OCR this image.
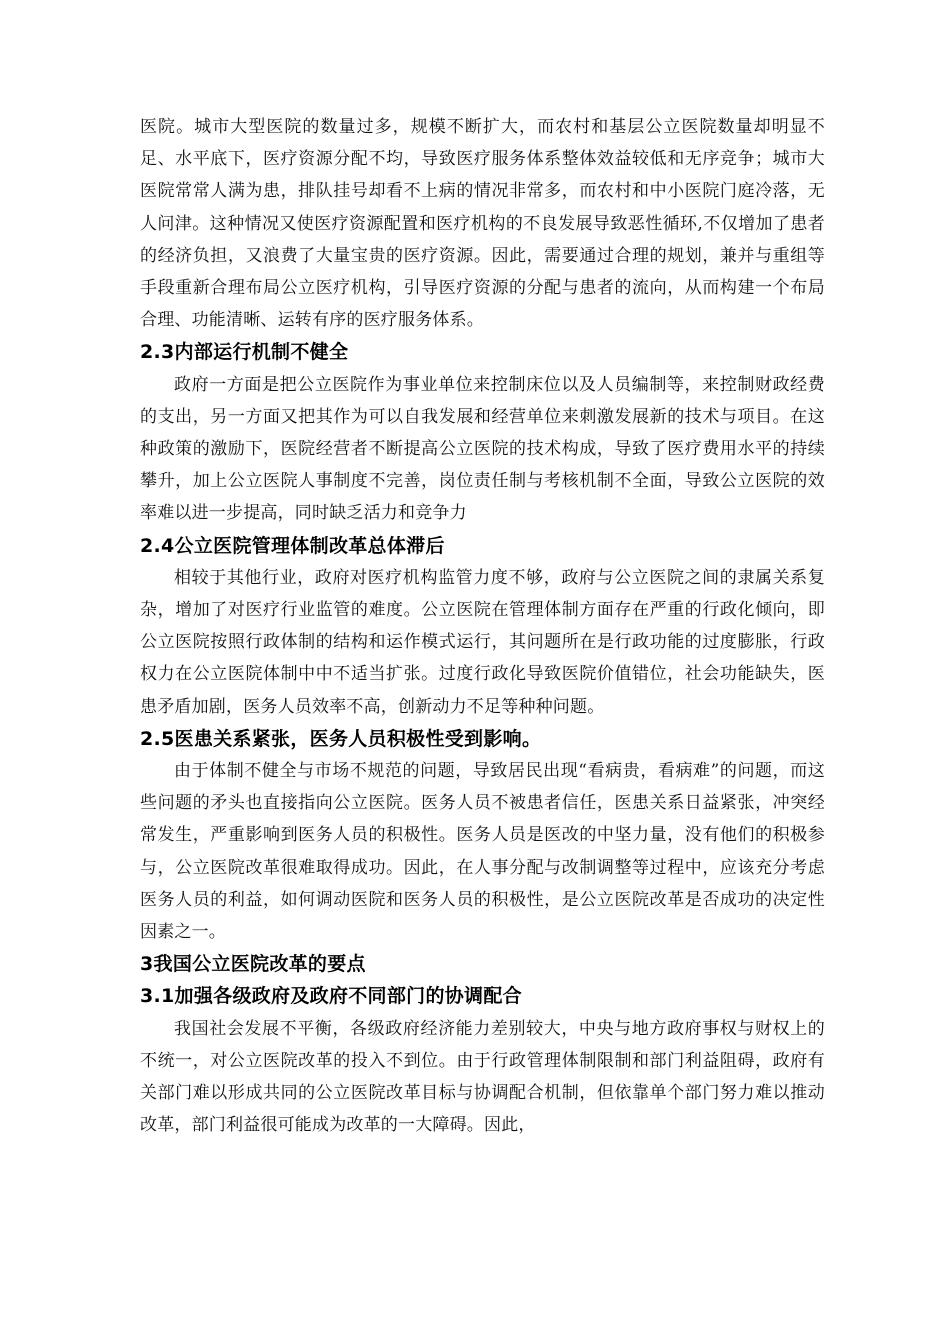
医院。城市大型医院的数量过多，规模不断扩大，而农村和基层公立医院数量却明显不足、水平底下，医疗资源分配不均，导致医疗服务体系整体效益较低和无序竞争；城市大医院常常人满为患，排队挂号却看不上病的情况非常多，而农村和中小医院门庭冷落，无人问津。这种情况又使医疗资源配置和医疗机构的不良发展导致恶性循环,不仅增加了患者的经济负担，又浪费了大量宝贵的医疗资源。因此，需要通过合理的规划，兼并与重组等手段重新合理布局公立医疗机构，引导医疗资源的分配与患者的流向，从而构建一个布局合理、功能清晰、运转有序的医疗服务体系。

2.3内部运行机制不健全

政府一方面是把公立医院作为事业单位来控制床位以及人员编制等，来控制财政经费的支出，另一方面又把其作为可以自我发展和经营单位来刺激发展新的技术与项目。在这种政策的激励下，医院经营者不断提高公立医院的技术构成，导致了医疗费用水平的持续攀升，加上公立医院人事制度不完善，岗位责任制与考核机制不全面，导致公立医院的效率难以进一步提高，同时缺乏活力和竞争力

2.4公立医院管理体制改革总体滞后

相较于其他行业，政府对医疗机构监管力度不够，政府与公立医院之间的隶属关系复杂，增加了对医疗行业监管的难度。公立医院在管理体制方面存在严重的行政化倾向，即公立医院按照行政体制的结构和运作模式运行，其问题所在是行政功能的过度膨胀，行政权力在公立医院体制中中不适当扩张。过度行政化导致医院价值错位，社会功能缺失，医患矛盾加剧，医务人员效率不高，创新动力不足等种种问题。

2.5医患关系紧张，医务人员积极性受到影响。

由于体制不健全与市场不规范的问题，导致居民出现“看病贵，看病难”的问题，而这些问题的矛头也直接指向公立医院。医务人员不被患者信任，医患关系日益紧张，冲突经常发生，严重影响到医务人员的积极性。医务人员是医改的中坚力量，没有他们的积极参与，公立医院改革很难取得成功。因此，在人事分配与改制调整等过程中，应该充分考虑医务人员的利益，如何调动医院和医务人员的积极性，是公立医院改革是否成功的决定性因素之一。

3我国公立医院改革的要点
3.1加强各级政府及政府不同部门的协调配合

我国社会发展不平衡，各级政府经济能力差别较大，中央与地方政府事权与财权上的不统一，对公立医院改革的投入不到位。由于行政管理体制限制和部门利益阻碍，政府有关部门难以形成共同的公立医院改革目标与协调配合机制，但依靠单个部门努力难以推动改革，部门利益很可能成为改革的一大障碍。因此，
